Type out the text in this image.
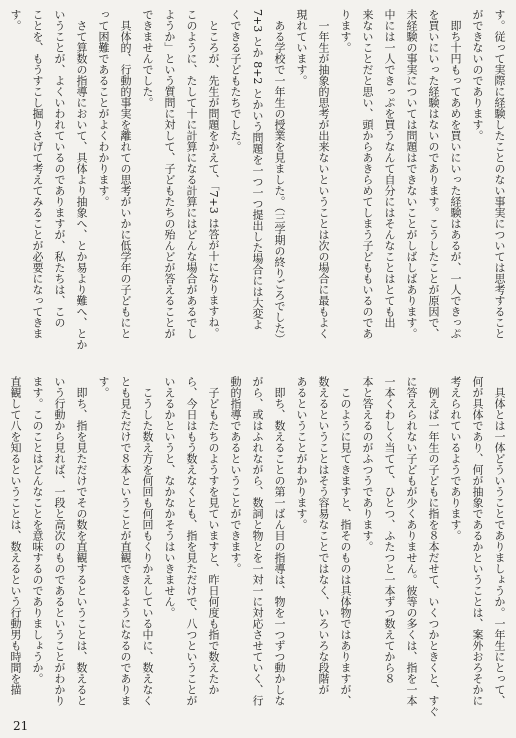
す。従って実際に経験したことのない事実については思考すること
ができないのであります。
　即ち十円もってあめを買いにいった経験はあるが、一人できっぷ
を買いにいった経験はないのであります。こうしたことが原因で、
未経験の事実については問題はできないことがしばしばあります。
中には一人できっぷを買うなんて自分にはそんなことはとても出
来ないことだと思い、頭からあきらめてしまう子どももいるのであ
ります。
　一年生が抽象的思考が出来ないということは次の場合に最もよく
現れています。
　ある学校で一年生の授業を見ました。（三学期の終りごろでした）
7+3 とか 8+2 とかいう問題を一つ一つ提出した場合には大変よ
くできる子どもたちでした。
　ところが、先生が問題をかえて、「7+3 は答が十になりますね。
このように、たして十に計算になる計算にはどんな場合があるでし
ようか」という質問に対して、子どもたちの殆んどが答えることが
できませんでした。
　具体的、行動的事実を離れての思考がいかに低学年の子どもにと
って困難であることがよくわかります。
　さて算数の指導において、具体より抽象へ、とか易より難へ、とか
いうことが、よくいわれているのでありますが、私たちは、この
ことを、もうすこし掘りさげて考えてみることが必要になってきま
す。
　具体とは一体どういうことでありましょうか。一年生にとって、
何が具体であり、何が抽象であるかということは、案外おろそかに
考えられているようであります。
　例えば一年生の子どもに指を８本だせて、いくつかときくと、すぐ
に答えられない子どもが少くありません。彼等の多くは、指を一本
一本くわしく当てて、ひとつ、ふたつと一本ずつ数えてから８
本と答えるのがふつうであります。
　このように見てきますと、指そのものは具体物ではありますが、
数えるということはそう容易なことではなく、いろいろな段階が
あるということがわかります。
　即ち、数えることの第一ばん目の指導は、物を一つずつ動かしな
がら、或はふれながら、数詞と物とを一対一に対応させていく、行
動的指導であるということができます。
　子どもたちのようすを見ていますと、昨日何度も指で数えたか
ら、今日はもう数えなくとも、指を見ただけで、八つということが
いえるかというと、なかなかそうはいきません。
　こうした数え方を何回も何回もくりかえしている中に、数えなく
とも見ただけで８本ということが直観できるようになるのでありま
す。
　即ち、指を見ただけでその数を直観するということは、数えると
いう行動から見れば、一段と高次のものであるということがわかり
ます。このことはどんなことを意味するのでありましょうか。
直観して八を知るということは、数えるという行動男も時間を描
21
